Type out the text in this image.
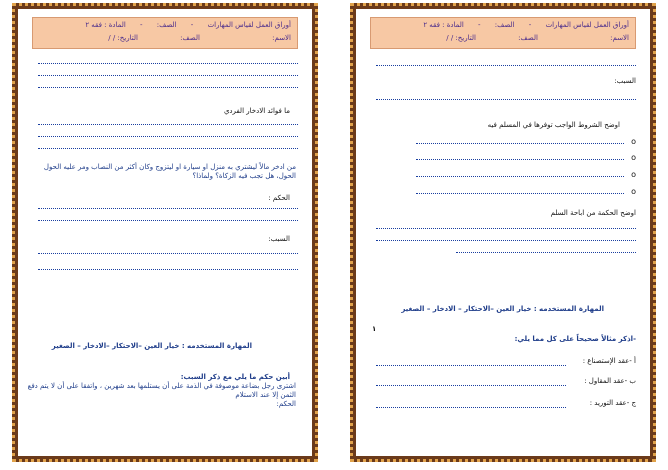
أوراق العمل لقياس المهارات - الصف: - المادة : فقه ٢
الاسم: الصف: التاريخ: / /
ما فوائد الادخار الفردي
من ادخر مالاً ليشتري به منزل او سيارة او ليتزوج وكان أكثر من النصاب ومر عليه الحول
الحول، هل تجب فيه الزكاة؟ ولماذا؟
الحكم :
السبب:
المهارة المستخدمه : خيار العين –الاحتكار –الادخار – الصغير
أبين حكم ما يلي مع ذكر السبب:
اشترى رجل بضاعة موصوفة في الذمة على أن يستلمها بعد شهرين ، واتفقا على أن لا يتم دفع
الثمن إلا عند الاستلام
الحكم:
أوراق العمل لقياس المهارات - الصف: - المادة : فقه ٢
الاسم: الصف: التاريخ: / /
السبب:
اوضح الشروط الواجب توفرها في المسلم فيه
o
o
o
o
اوضح الحكمة من اباحة السلم
المهارة المستخدمه : خيار العين –الاحتكار – الادخار – الصغير
١
-اذكر مثالاً صحيحاً على كل مما يلي:
أ -عقد الإستصناع :
ب -عقد المقاول :
ج -عقد التوريد :
